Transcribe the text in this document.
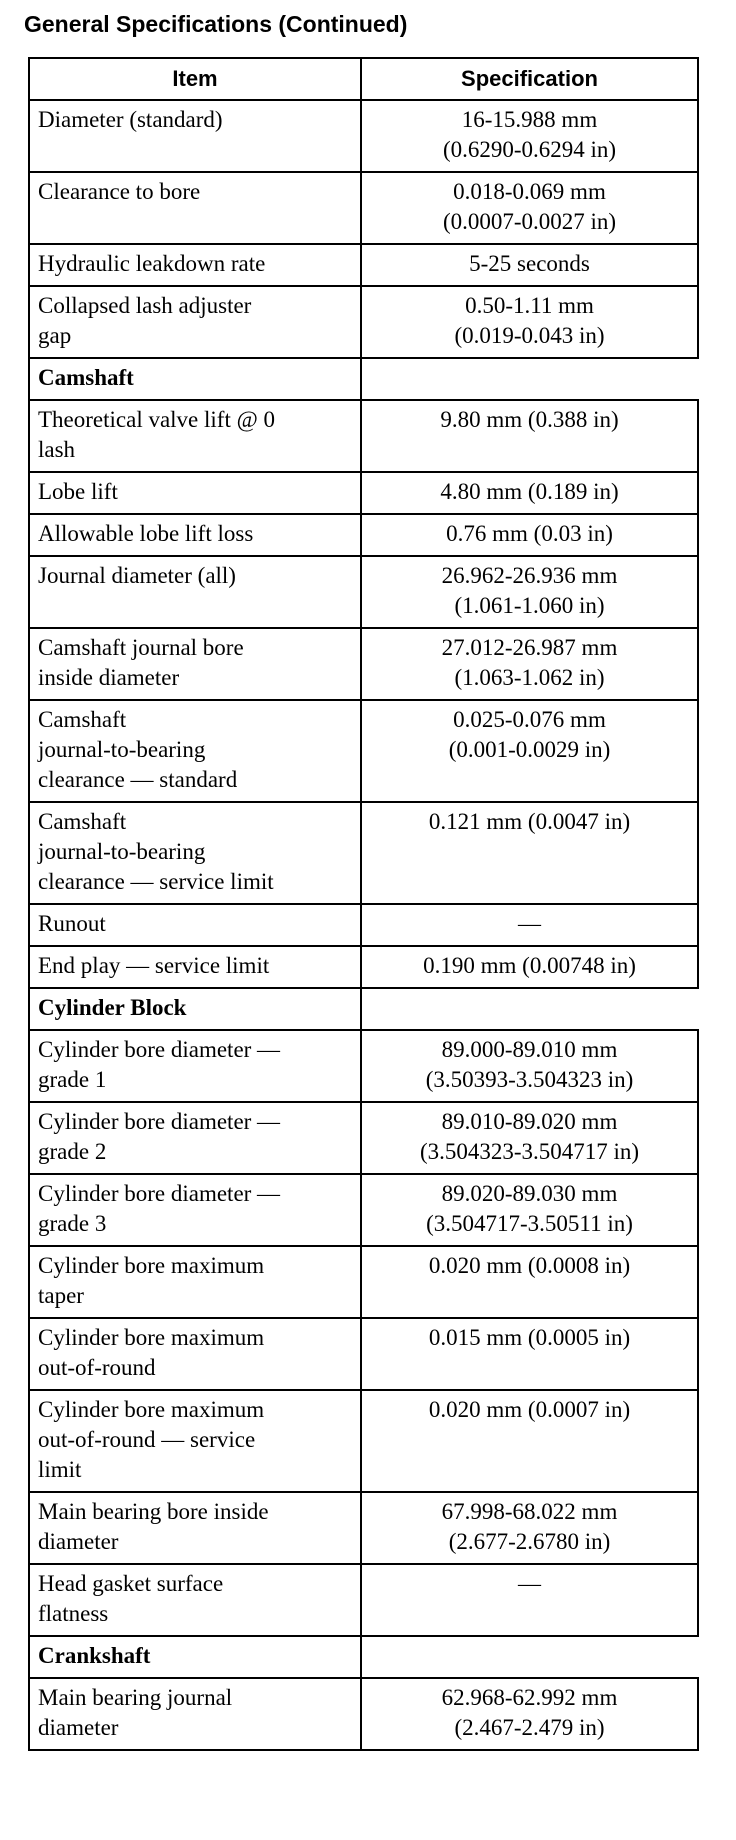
General Specifications (Continued)
Item	Specification

Diameter (standard)	16-15.988 mm
(0.6290-0.6294 in)

Clearance to bore	0.018-0.069 mm
(0.0007-0.0027 in)

Hydraulic leakdown rate	5-25 seconds

Collapsed lash adjuster
gap	0.50-1.11 mm
(0.019-0.043 in)

Camshaft	

Theoretical valve lift @ 0
lash	9.80 mm (0.388 in)

Lobe lift	4.80 mm (0.189 in)

Allowable lobe lift loss	0.76 mm (0.03 in)

Journal diameter (all)	26.962-26.936 mm
(1.061-1.060 in)

Camshaft journal bore
inside diameter	27.012-26.987 mm
(1.063-1.062 in)

Camshaft
journal-to-bearing
clearance — standard	0.025-0.076 mm
(0.001-0.0029 in)

Camshaft
journal-to-bearing
clearance — service limit	0.121 mm (0.0047 in)

Runout	—

End play — service limit	0.190 mm (0.00748 in)

Cylinder Block	

Cylinder bore diameter —
grade 1	89.000-89.010 mm
(3.50393-3.504323 in)

Cylinder bore diameter —
grade 2	89.010-89.020 mm
(3.504323-3.504717 in)

Cylinder bore diameter —
grade 3	89.020-89.030 mm
(3.504717-3.50511 in)

Cylinder bore maximum
taper	0.020 mm (0.0008 in)

Cylinder bore maximum
out-of-round	0.015 mm (0.0005 in)

Cylinder bore maximum
out-of-round — service
limit	0.020 mm (0.0007 in)

Main bearing bore inside
diameter	67.998-68.022 mm
(2.677-2.6780 in)

Head gasket surface
flatness	—

Crankshaft	

Main bearing journal
diameter	62.968-62.992 mm
(2.467-2.479 in)
